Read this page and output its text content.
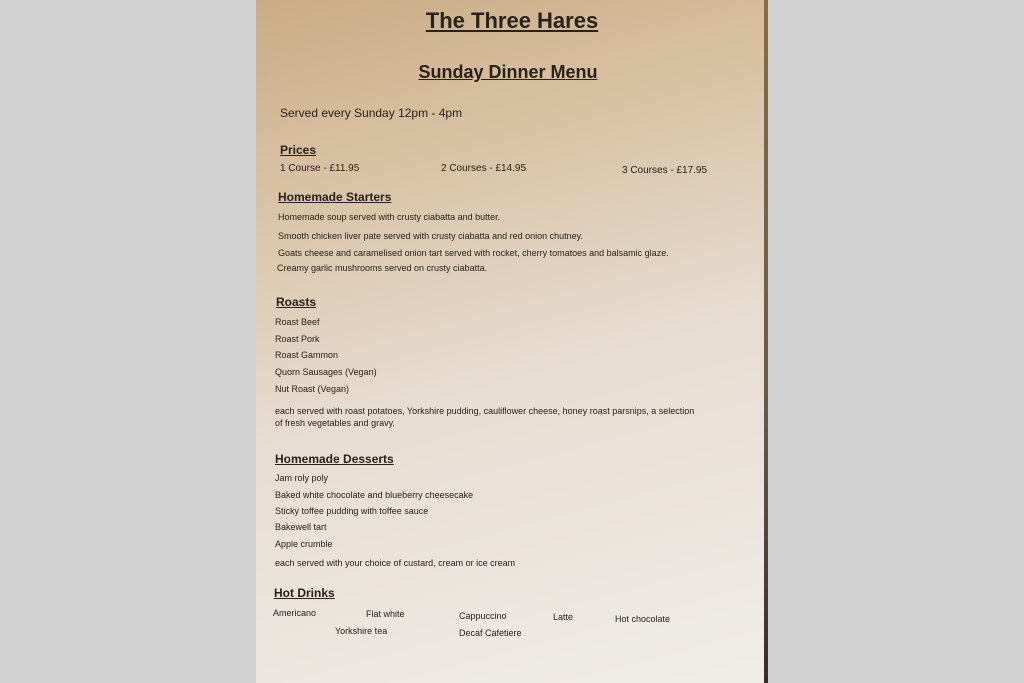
The Three Hares
Sunday Dinner Menu
Served every Sunday 12pm - 4pm
Prices
1 Course - £11.95	2 Courses - £14.95	3 Courses - £17.95
Homemade Starters
Homemade soup served with crusty ciabatta and butter.
Smooth chicken liver pate served with crusty ciabatta and red onion chutney.
Goats cheese and caramelised onion tart served with rocket, cherry tomatoes and balsamic glaze.
Creamy garlic mushrooms served on crusty ciabatta.
Roasts
Roast Beef
Roast Pork
Roast Gammon
Quorn Sausages (Vegan)
Nut Roast (Vegan)
each served with roast potatoes, Yorkshire pudding, cauliflower cheese, honey roast parsnips, a selection
of fresh vegetables and gravy.
Homemade Desserts
Jam roly poly
Baked white chocolate and blueberry cheesecake
Sticky toffee pudding with toffee sauce
Bakewell tart
Apple crumble
each served with your choice of custard, cream or ice cream
Hot Drinks
Americano	Flat white	Cappuccino	Latte	Hot chocolate
Yorkshire tea	Decaf Cafetiere
